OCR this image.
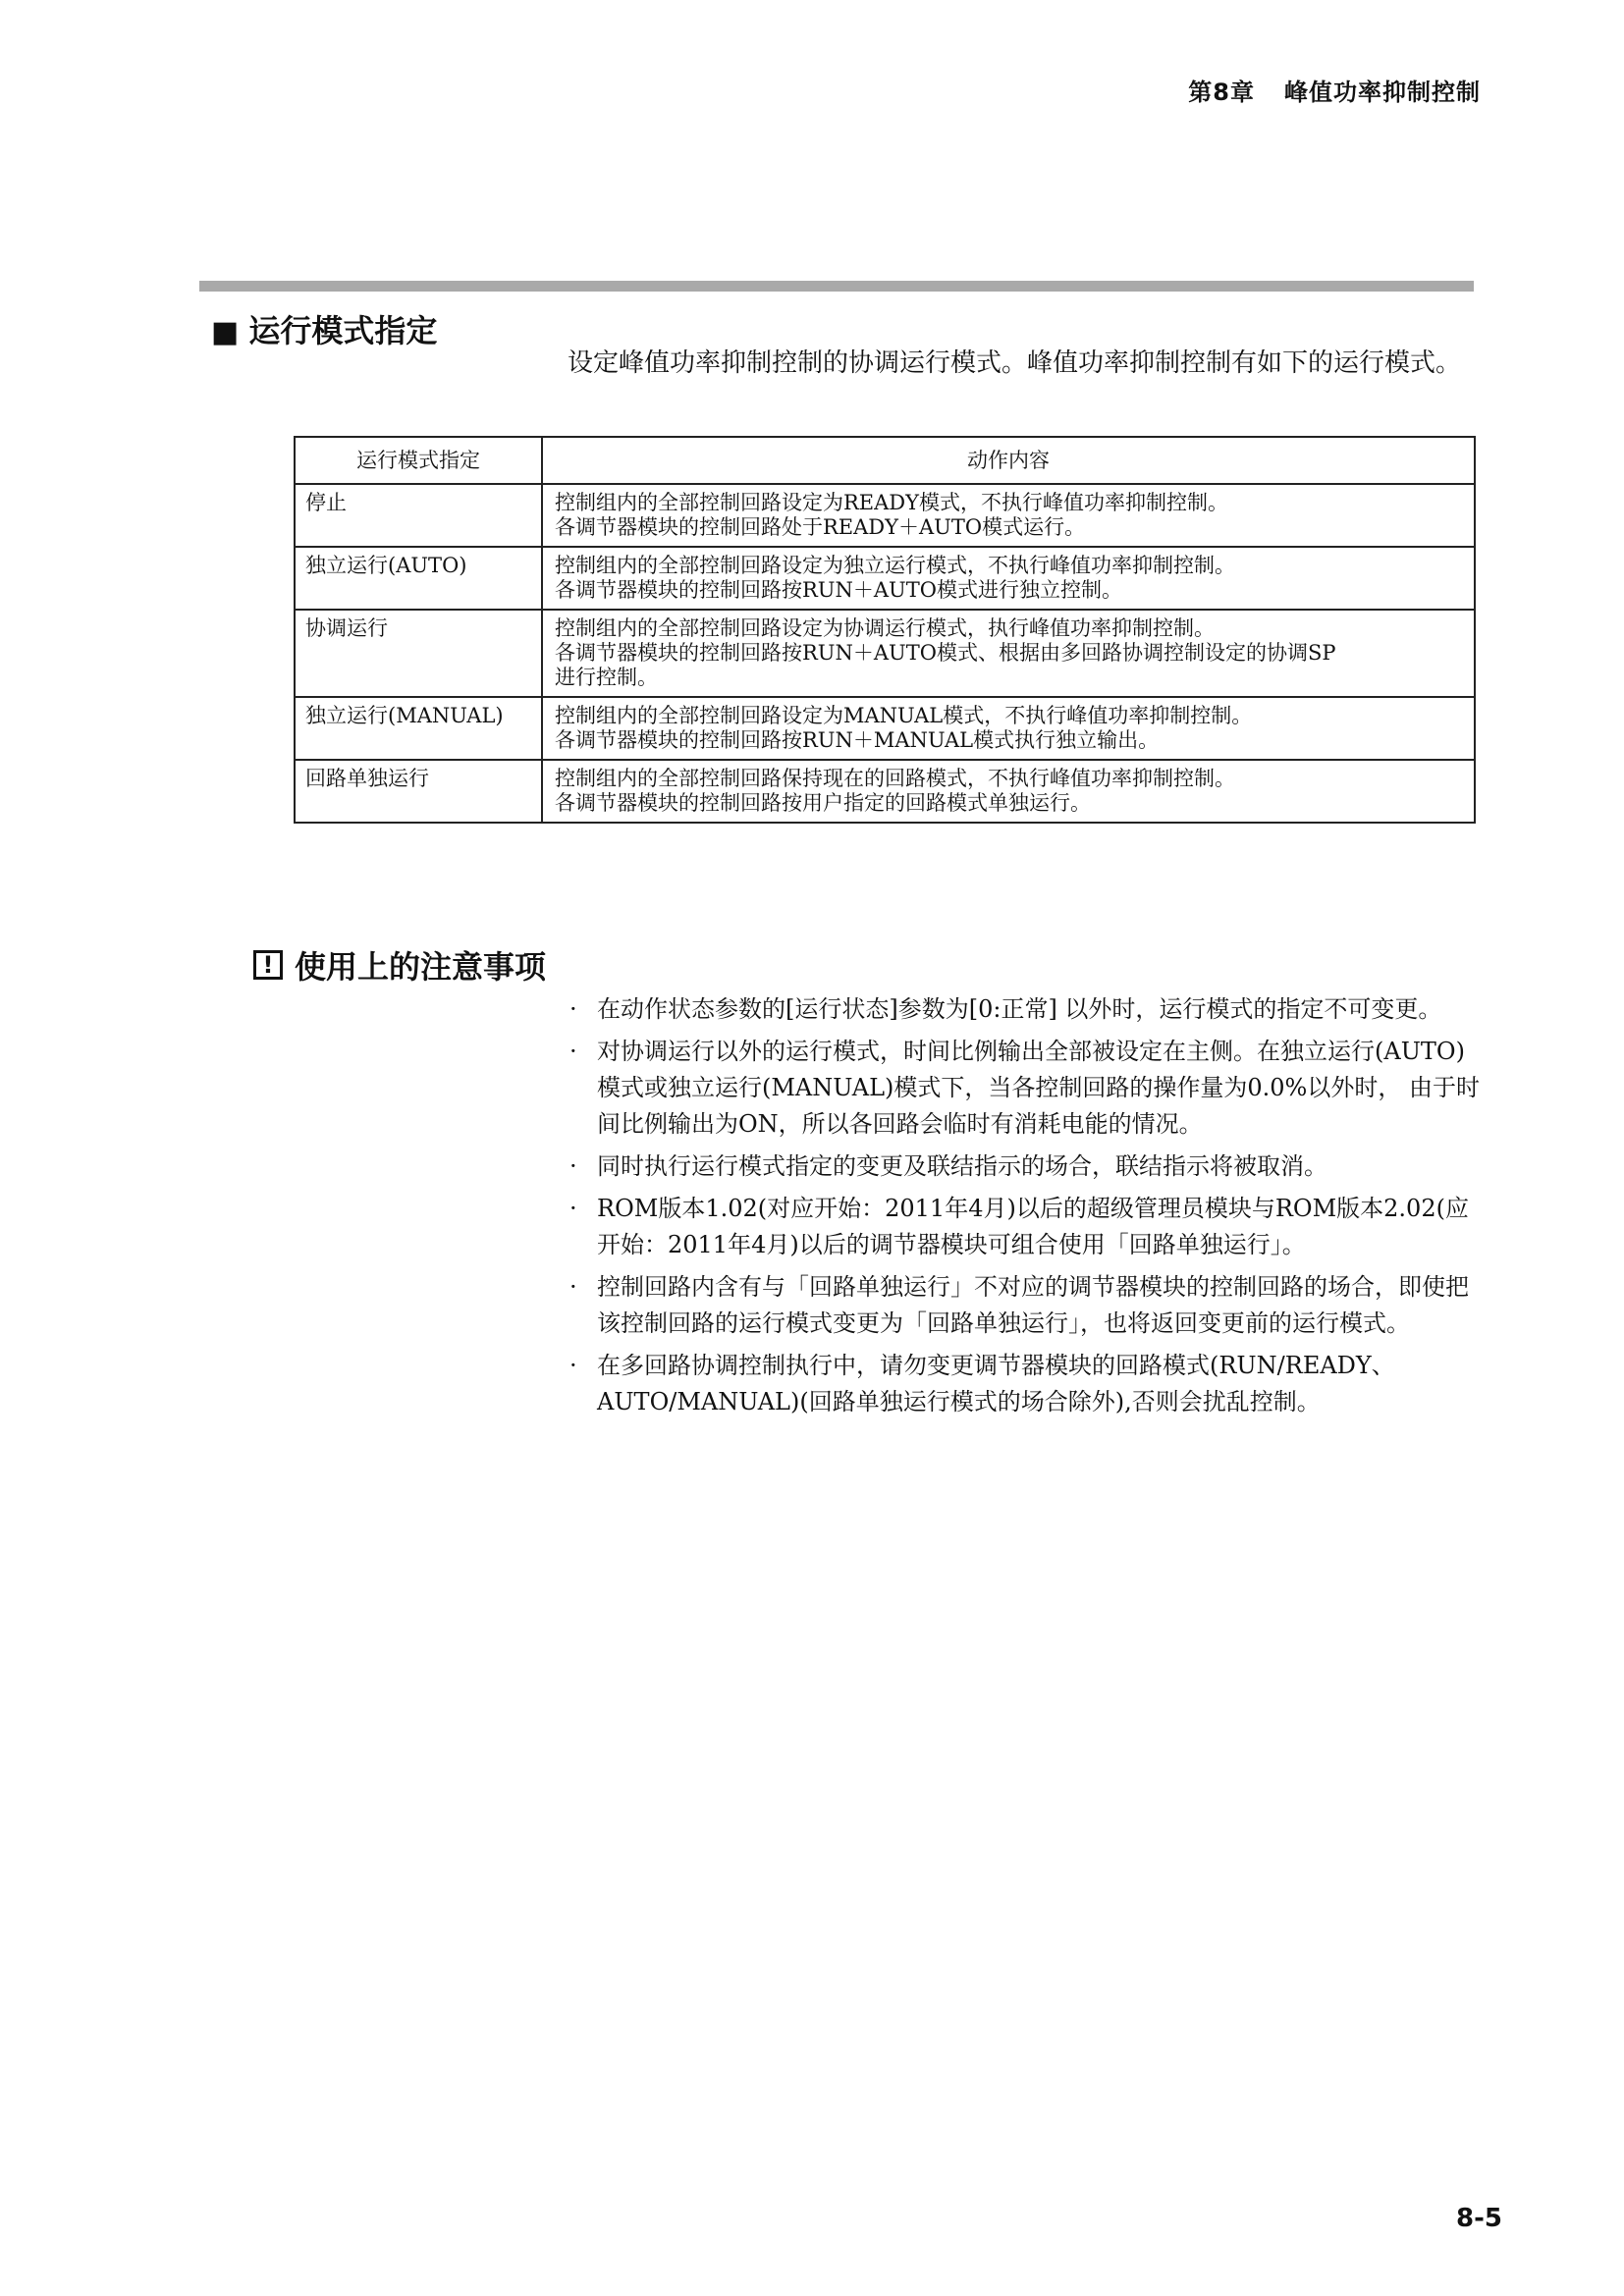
第8章 峰值功率抑制控制
■ 运行模式指定
设定峰值功率抑制控制的协调运行模式。峰值功率抑制控制有如下的运行模式。
运行模式指定	动作内容
停止	控制组内的全部控制回路设定为READY模式，不执行峰值功率抑制控制。
各调节器模块的控制回路处于READY＋AUTO模式运行。

独立运行(AUTO)	控制组内的全部控制回路设定为独立运行模式，不执行峰值功率抑制控制。
各调节器模块的控制回路按RUN＋AUTO模式进行独立控制。

协调运行	控制组内的全部控制回路设定为协调运行模式，执行峰值功率抑制控制。
各调节器模块的控制回路按RUN＋AUTO模式、根据由多回路协调控制设定的协调SP
进行控制。

独立运行(MANUAL)	控制组内的全部控制回路设定为MANUAL模式，不执行峰值功率抑制控制。
各调节器模块的控制回路按RUN＋MANUAL模式执行独立输出。

回路单独运行	控制组内的全部控制回路保持现在的回路模式，不执行峰值功率抑制控制。
各调节器模块的控制回路按用户指定的回路模式单独运行。
! 使用上的注意事项
· 在动作状态参数的[运行状态]参数为[0:正常] 以外时，运行模式的指定不可变更。
· 对协调运行以外的运行模式，时间比例输出全部被设定在主侧。在独立运行(AUTO)模式或独立运行(MANUAL)模式下，当各控制回路的操作量为0.0%以外时， 由于时间比例输出为ON，所以各回路会临时有消耗电能的情况。
· 同时执行运行模式指定的变更及联结指示的场合，联结指示将被取消。
· ROM版本1.02(对应开始：2011年4月)以后的超级管理员模块与ROM版本2.02(应开始：2011年4月)以后的调节器模块可组合使用「回路单独运行」。
· 控制回路内含有与「回路单独运行」不对应的调节器模块的控制回路的场合，即使把该控制回路的运行模式变更为「回路单独运行」，也将返回变更前的运行模式。
· 在多回路协调控制执行中，请勿变更调节器模块的回路模式(RUN/READY、AUTO/MANUAL)(回路单独运行模式的场合除外),否则会扰乱控制。
8-5
